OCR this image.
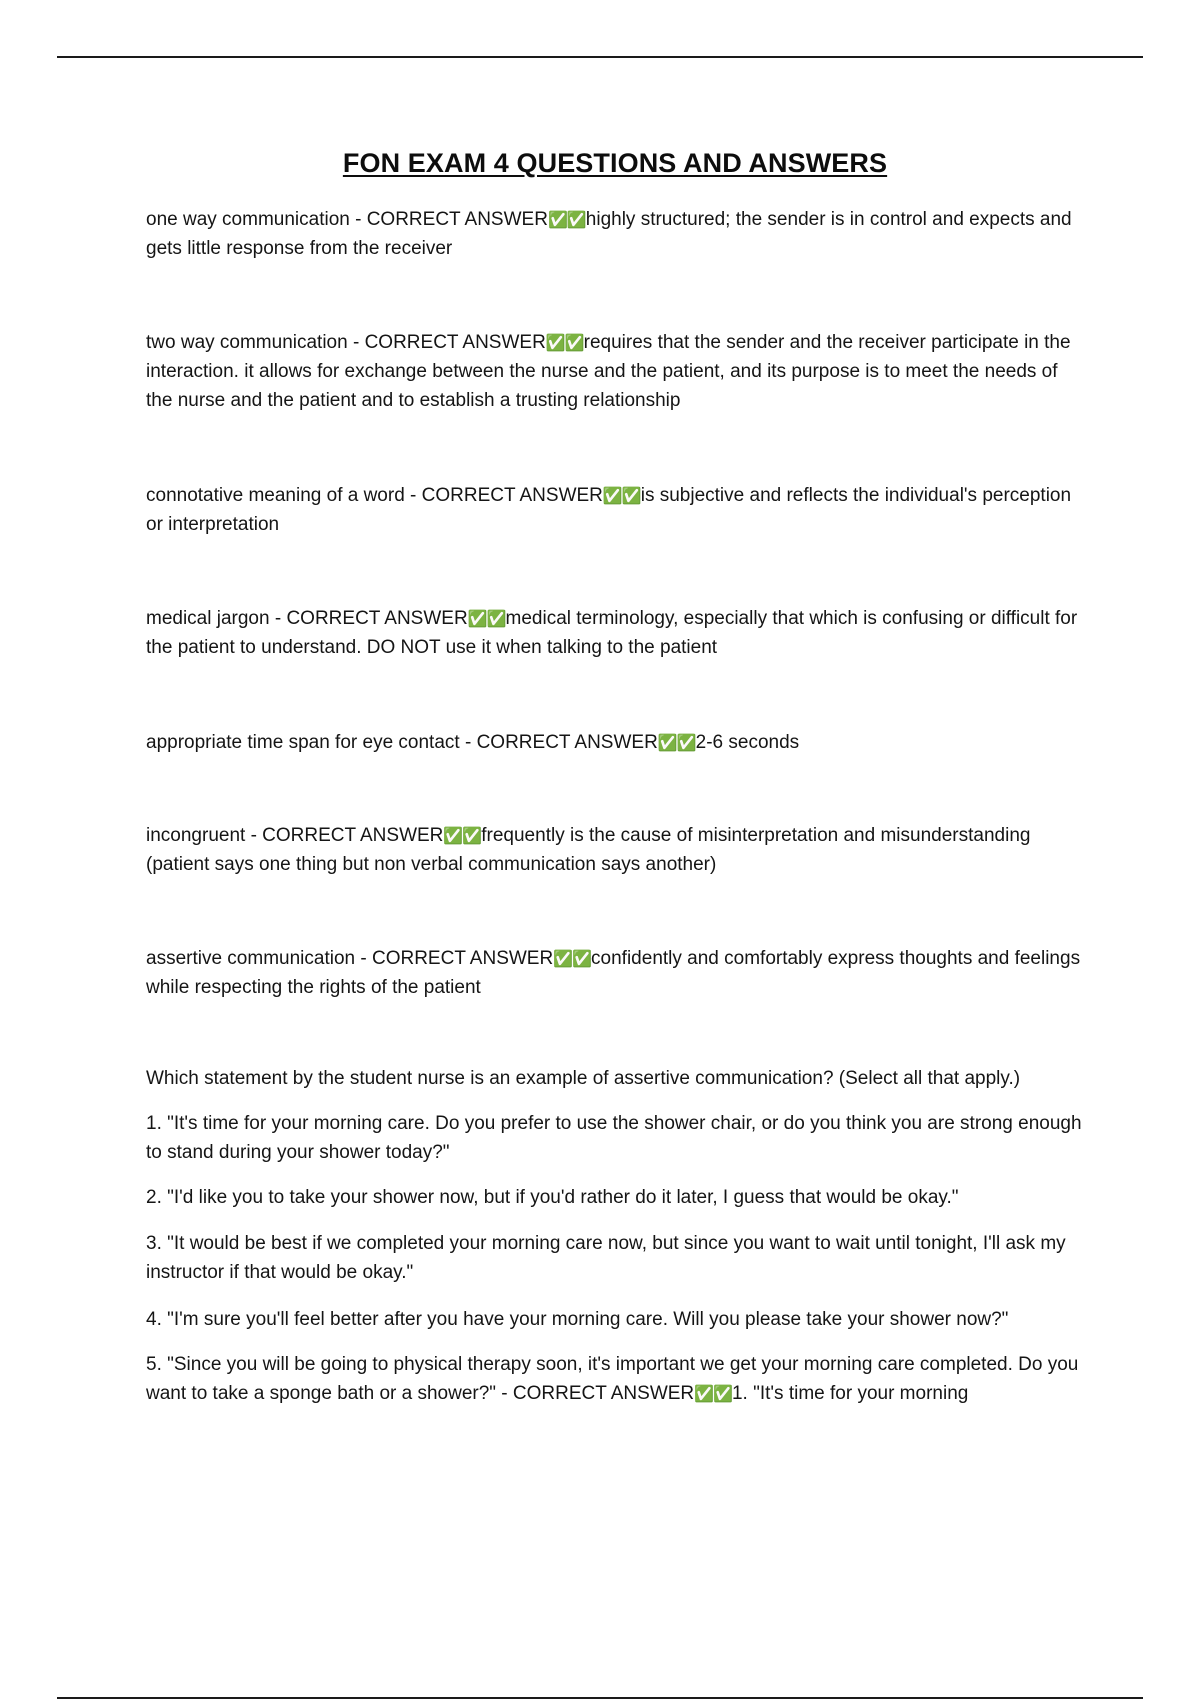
FON EXAM 4 QUESTIONS AND ANSWERS

one way communication - CORRECT ANSWER✅✅highly structured; the sender is in control and expects and gets little response from the receiver

two way communication - CORRECT ANSWER✅✅requires that the sender and the receiver participate in the interaction. it allows for exchange between the nurse and the patient, and its purpose is to meet the needs of the nurse and the patient and to establish a trusting relationship

connotative meaning of a word - CORRECT ANSWER✅✅is subjective and reflects the individual's perception or interpretation

medical jargon - CORRECT ANSWER✅✅medical terminology, especially that which is confusing or difficult for the patient to understand. DO NOT use it when talking to the patient

appropriate time span for eye contact - CORRECT ANSWER✅✅2-6 seconds

incongruent - CORRECT ANSWER✅✅frequently is the cause of misinterpretation and misunderstanding (patient says one thing but non verbal communication says another)

assertive communication - CORRECT ANSWER✅✅confidently and comfortably express thoughts and feelings while respecting the rights of the patient

Which statement by the student nurse is an example of assertive communication? (Select all that apply.)

1. "It's time for your morning care. Do you prefer to use the shower chair, or do you think you are strong enough to stand during your shower today?"

2. "I'd like you to take your shower now, but if you'd rather do it later, I guess that would be okay."

3. "It would be best if we completed your morning care now, but since you want to wait until tonight, I'll ask my instructor if that would be okay."

4. "I'm sure you'll feel better after you have your morning care. Will you please take your shower now?"

5. "Since you will be going to physical therapy soon, it's important we get your morning care completed. Do you want to take a sponge bath or a shower?" - CORRECT ANSWER✅✅1. "It's time for your morning
